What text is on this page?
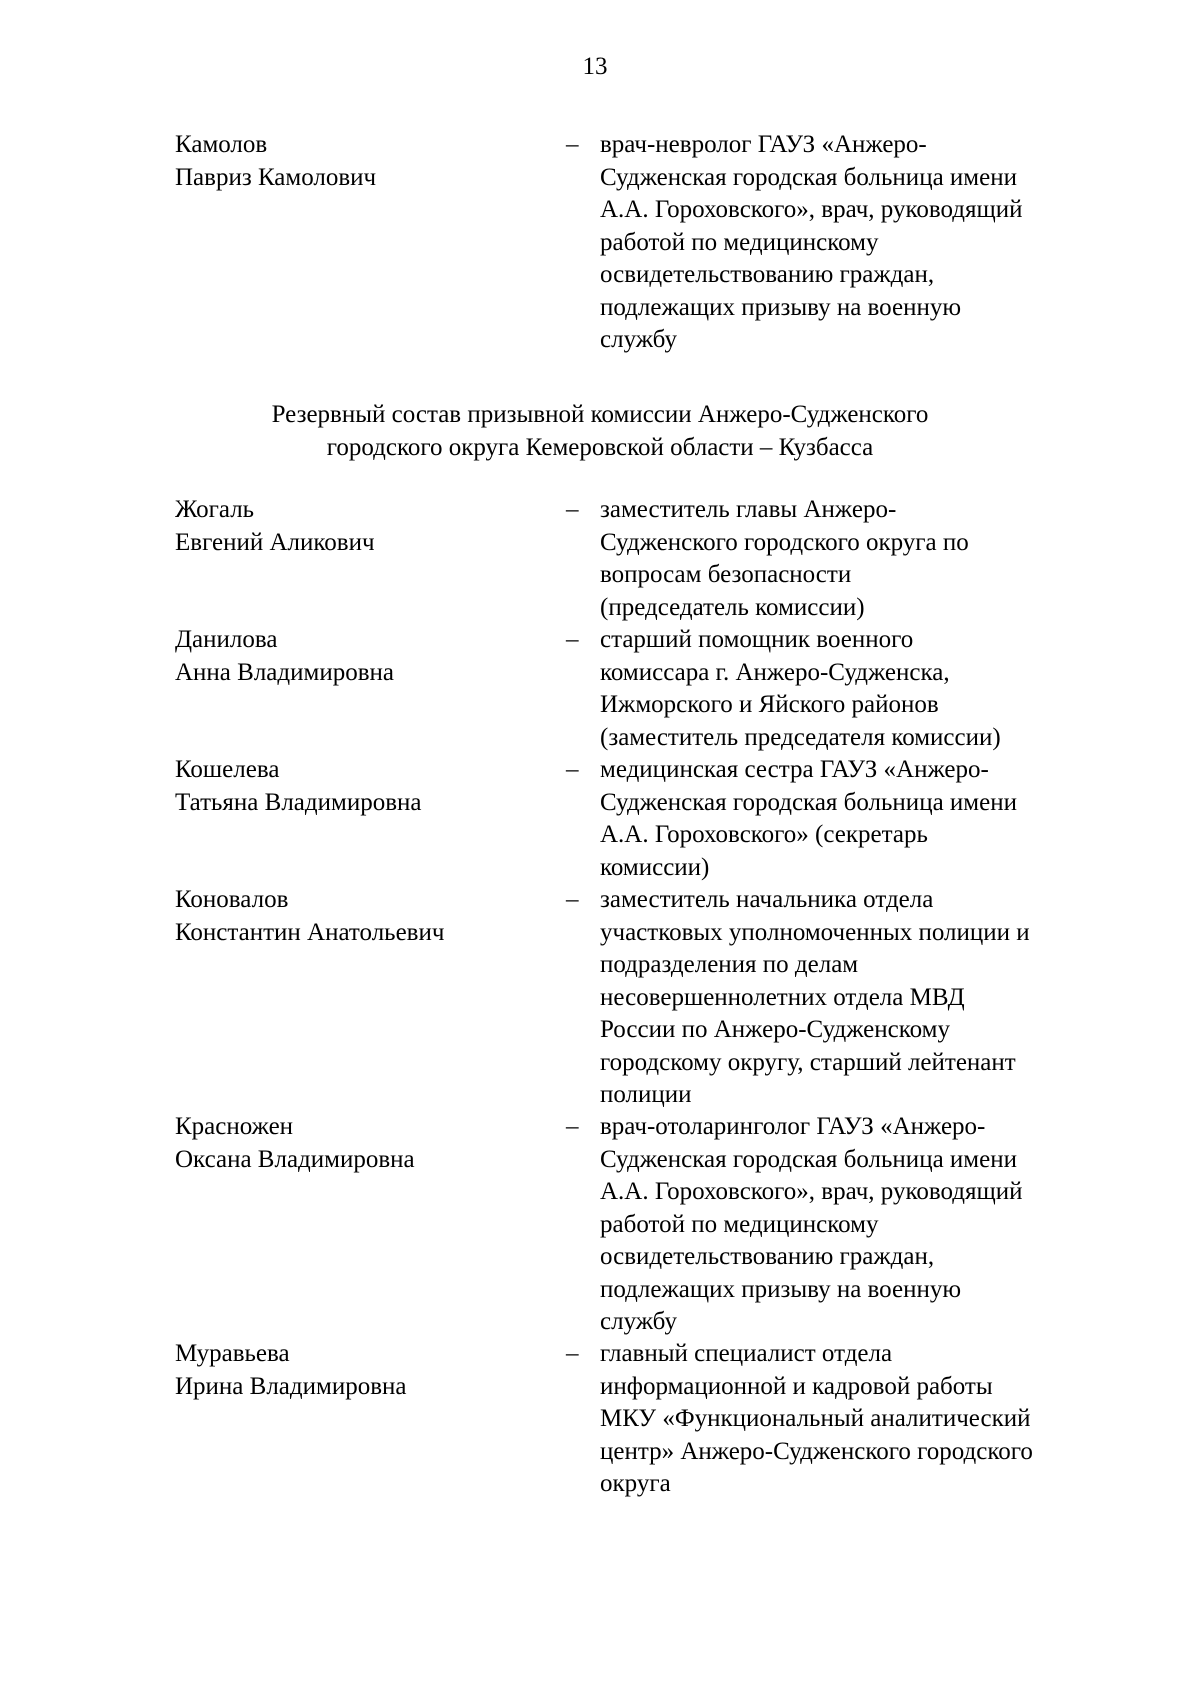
13
Камолов
Павриз Камолович
– врач-невролог ГАУЗ «Анжеро-
Судженская городская больница имени
А.А. Гороховского», врач, руководящий
работой по медицинскому
освидетельствованию граждан,
подлежащих призыву на военную
службу
Резервный состав призывной комиссии Анжеро-Судженского
городского округа Кемеровской области – Кузбасса
Жогаль
Евгений Аликович
– заместитель главы Анжеро-
Судженского городского округа по
вопросам безопасности
(председатель комиссии)
Данилова
Анна Владимировна
– старший помощник военного
комиссара г. Анжеро-Судженска,
Ижморского и Яйского районов
(заместитель председателя комиссии)
Кошелева
Татьяна Владимировна
– медицинская сестра ГАУЗ «Анжеро-
Судженская городская больница имени
А.А. Гороховского» (секретарь
комиссии)
Коновалов
Константин Анатольевич
– заместитель начальника отдела
участковых уполномоченных полиции и
подразделения по делам
несовершеннолетних отдела МВД
России по Анжеро-Судженскому
городскому округу, старший лейтенант
полиции
Красножен
Оксана Владимировна
– врач-отоларинголог ГАУЗ «Анжеро-
Судженская городская больница имени
А.А. Гороховского», врач, руководящий
работой по медицинскому
освидетельствованию граждан,
подлежащих призыву на военную
службу
Муравьева
Ирина Владимировна
– главный специалист отдела
информационной и кадровой работы
МКУ «Функциональный аналитический
центр» Анжеро-Судженского городского
округа
